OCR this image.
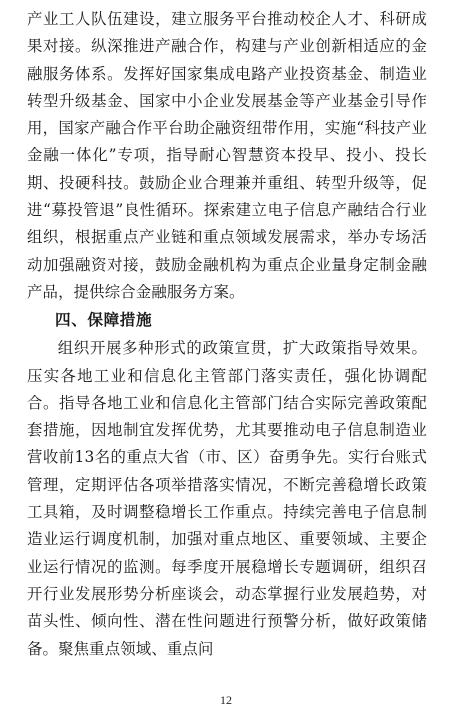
产业工人队伍建设，建立服务平台推动校企人才、科研成果对接。纵深推进产融合作，构建与产业创新相适应的金融服务体系。发挥好国家集成电路产业投资基金、制造业转型升级基金、国家中小企业发展基金等产业基金引导作用，国家产融合作平台助企融资纽带作用，实施“科技产业金融一体化”专项，指导耐心智慧资本投早、投小、投长期、投硬科技。鼓励企业合理兼并重组、转型升级等，促进“募投管退”良性循环。探索建立电子信息产融结合行业组织，根据重点产业链和重点领域发展需求，举办专场活动加强融资对接，鼓励金融机构为重点企业量身定制金融产品，提供综合金融服务方案。

四、保障措施

组织开展多种形式的政策宣贯，扩大政策指导效果。压实各地工业和信息化主管部门落实责任，强化协调配合。指导各地工业和信息化主管部门结合实际完善政策配套措施，因地制宜发挥优势，尤其要推动电子信息制造业营收前13名的重点大省（市、区）奋勇争先。实行台账式管理，定期评估各项举措落实情况，不断完善稳增长政策工具箱，及时调整稳增长工作重点。持续完善电子信息制造业运行调度机制，加强对重点地区、重要领域、主要企业运行情况的监测。每季度开展稳增长专题调研，组织召开行业发展形势分析座谈会，动态掌握行业发展趋势，对苗头性、倾向性、潜在性问题进行预警分析，做好政策储备。聚焦重点领域、重点问

12
